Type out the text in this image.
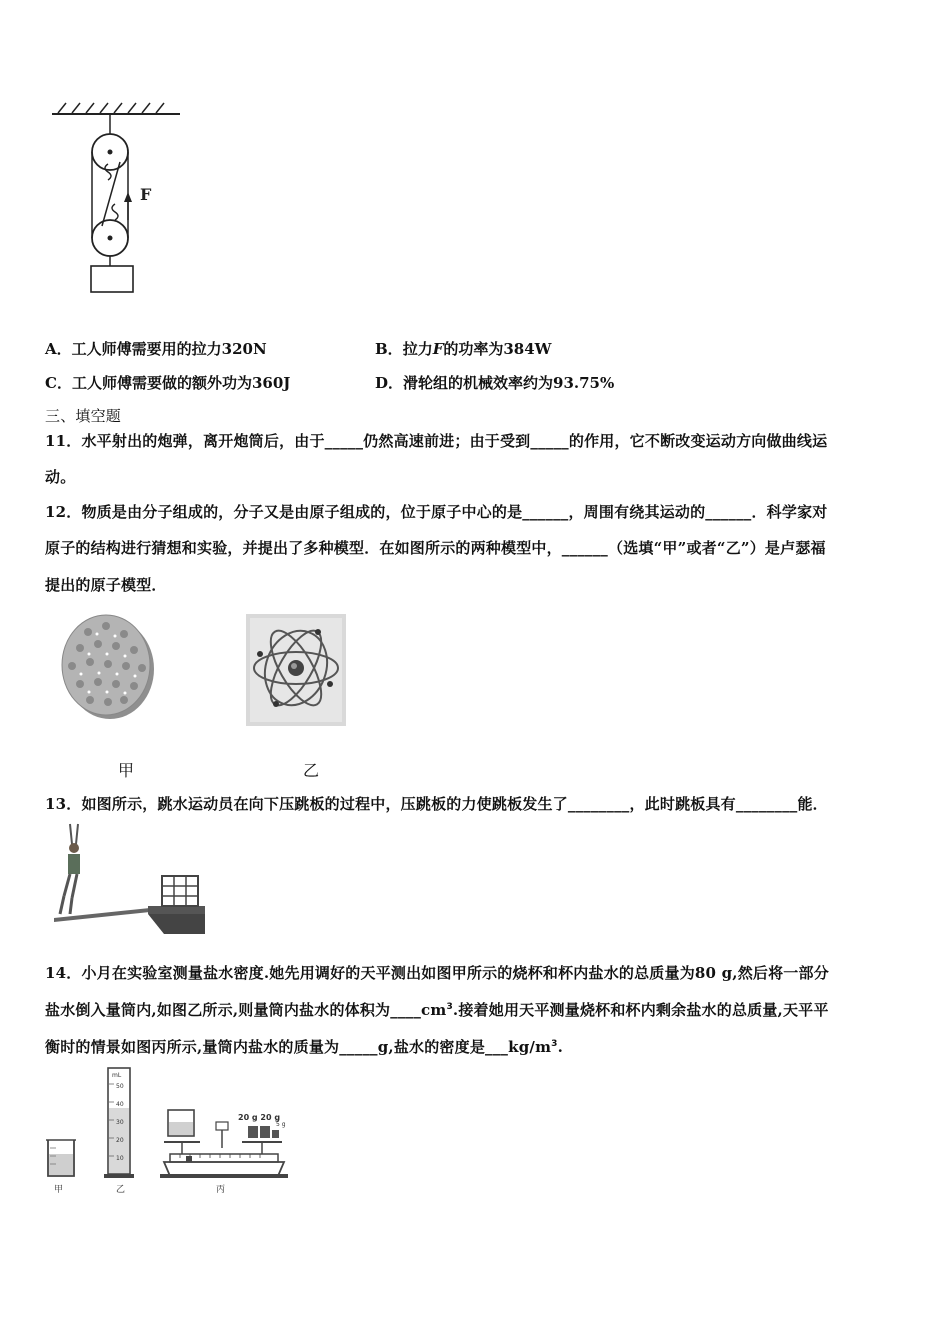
F
A．工人师傅需要用的拉力320N	B．拉力F的功率为384W
C．工人师傅需要做的额外功为360J	D．滑轮组的机械效率约为93.75%
三、填空题
11．水平射出的炮弹，离开炮筒后，由于_____仍然高速前进；由于受到_____的作用，它不断改变运动方向做曲线运
动。
12．物质是由分子组成的，分子又是由原子组成的，位于原子中心的是______，周围有绕其运动的______．科学家对
原子的结构进行猜想和实验，并提出了多种模型．在如图所示的两种模型中，______（选填“甲”或者“乙”）是卢瑟福
提出的原子模型．
甲	乙
13．如图所示，跳水运动员在向下压跳板的过程中，压跳板的力使跳板发生了________，此时跳板具有________能．
14．小月在实验室测量盐水密度.她先用调好的天平测出如图甲所示的烧杯和杯内盐水的总质量为80 g,然后将一部分
盐水倒入量筒内,如图乙所示,则量筒内盐水的体积为$\_\_\_\_cm^3$.接着她用天平测量烧杯和杯内剩余盐水的总质量,天平平
衡时的情景如图丙所示,量筒内盐水的质量为_____g,盐水的密度是$\_\_\_kg/m^3$.
甲
mL
50
40
30
20
10
乙
20 g 20 g
5 g
丙
